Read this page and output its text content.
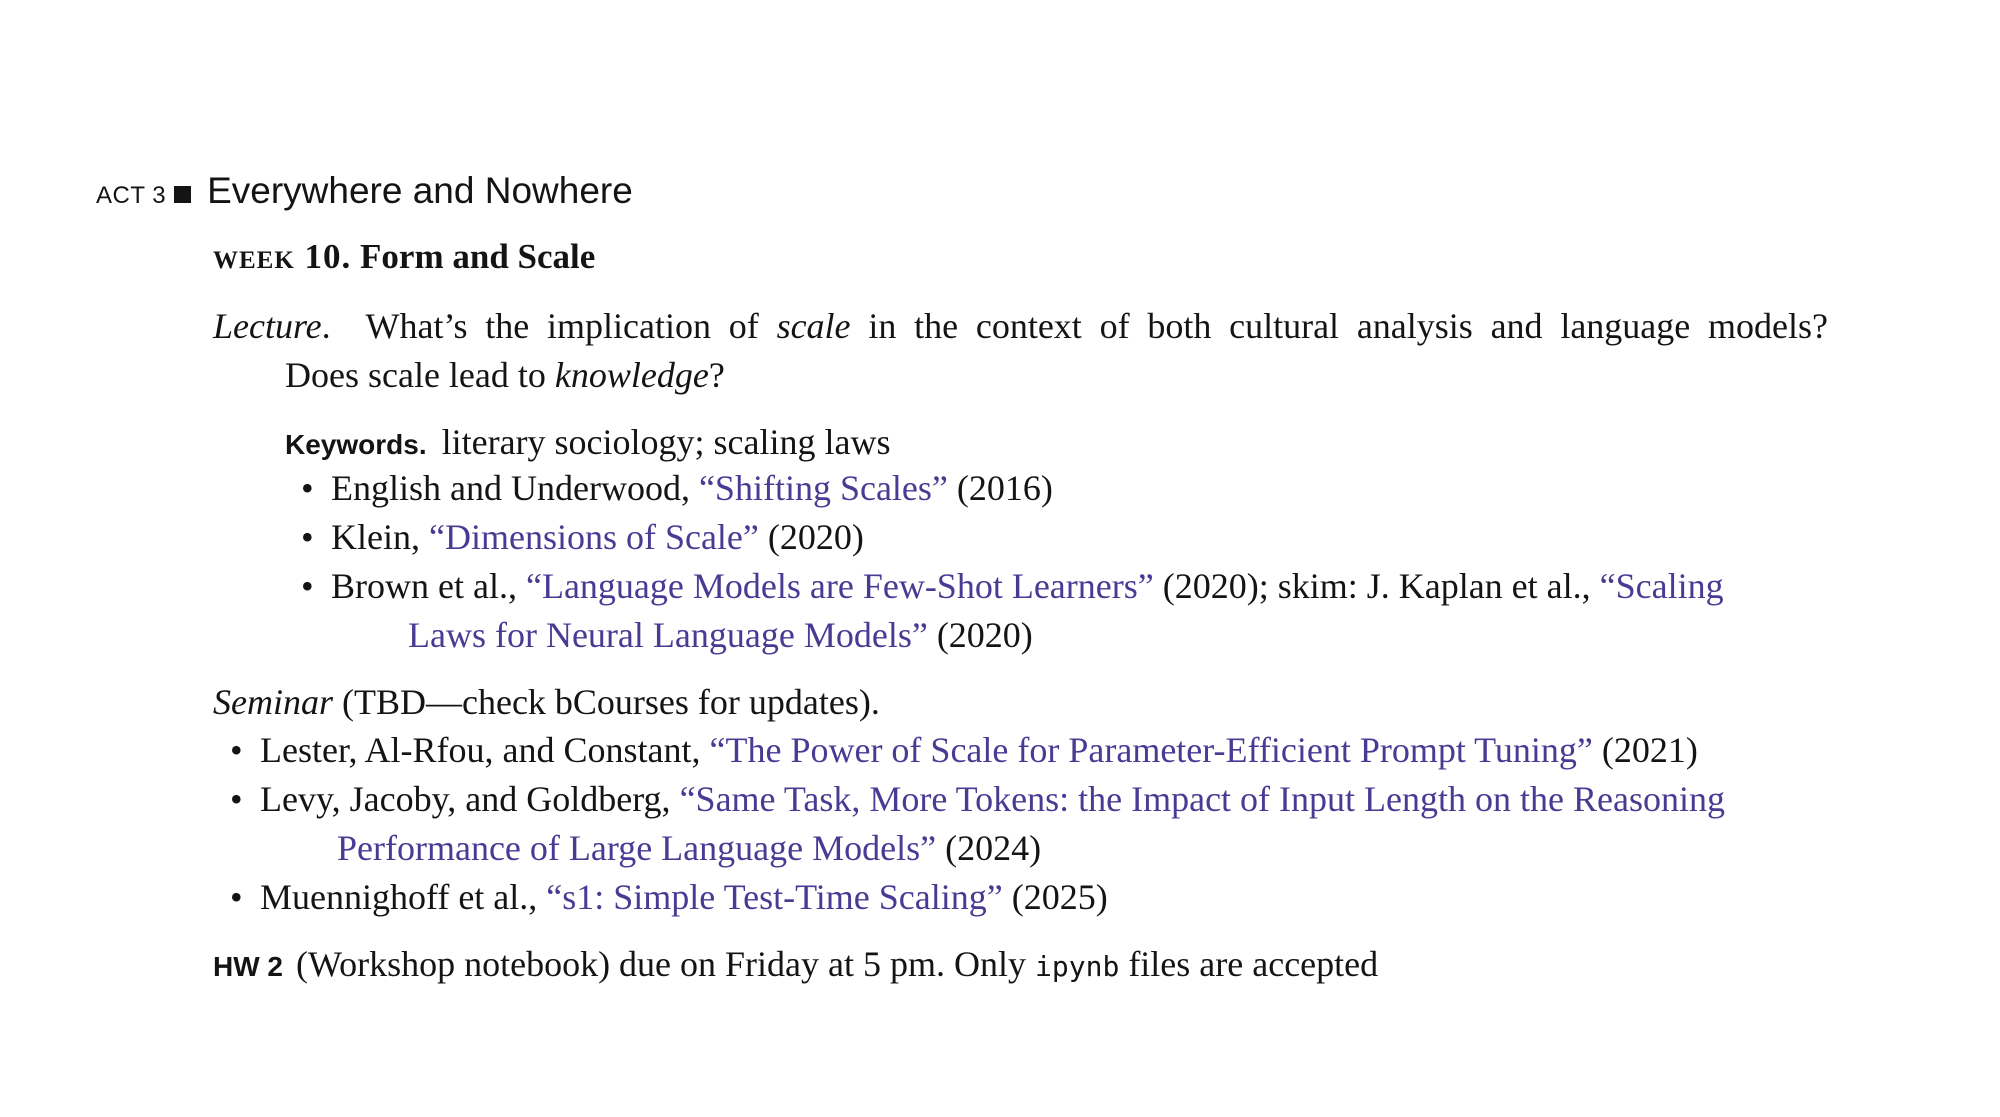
ACT 3 Everywhere and Nowhere
week 10. Form and Scale
Lecture.  What’s the implication of scale in the context of both cultural analysis and language models?
Does scale lead to knowledge?
Keywords. literary sociology; scaling laws
• English and Underwood, “Shifting Scales” (2016)
• Klein, “Dimensions of Scale” (2020)
• Brown et al., “Language Models are Few-Shot Learners” (2020); skim: J. Kaplan et al., “Scaling
Laws for Neural Language Models” (2020)
Seminar (TBD—check bCourses for updates).
• Lester, Al-Rfou, and Constant, “The Power of Scale for Parameter-Efficient Prompt Tuning” (2021)
• Levy, Jacoby, and Goldberg, “Same Task, More Tokens: the Impact of Input Length on the Reasoning
Performance of Large Language Models” (2024)
• Muennighoff et al., “s1: Simple Test-Time Scaling” (2025)
HW 2 (Workshop notebook) due on Friday at 5 pm. Only ipynb files are accepted
